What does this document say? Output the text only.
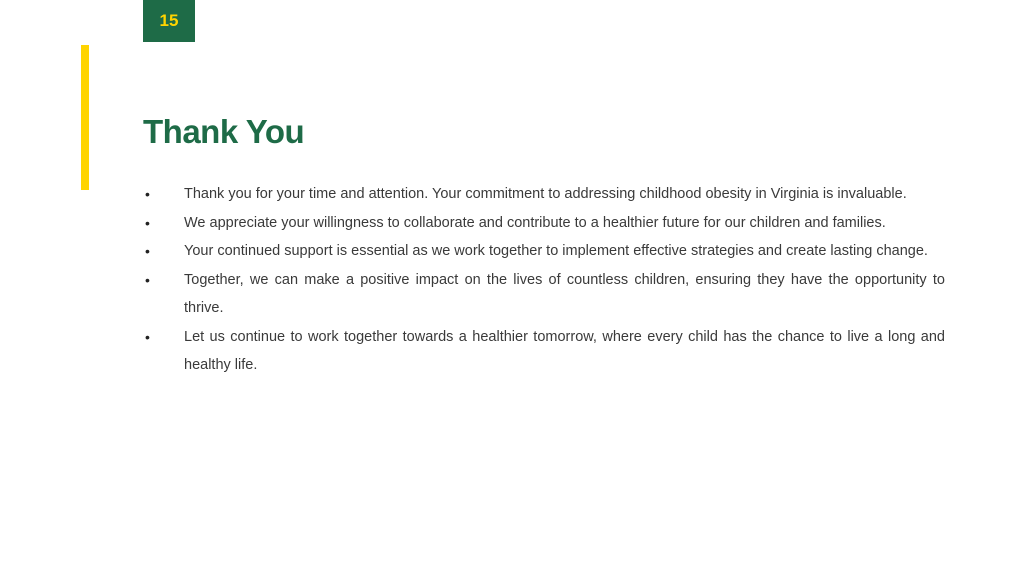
15
Thank You
• Thank you for your time and attention. Your commitment to addressing childhood obesity in Virginia is invaluable.
• We appreciate your willingness to collaborate and contribute to a healthier future for our children and families.
• Your continued support is essential as we work together to implement effective strategies and create lasting change.
• Together, we can make a positive impact on the lives of countless children, ensuring they have the opportunity to thrive.
• Let us continue to work together towards a healthier tomorrow, where every child has the chance to live a long and healthy life.
